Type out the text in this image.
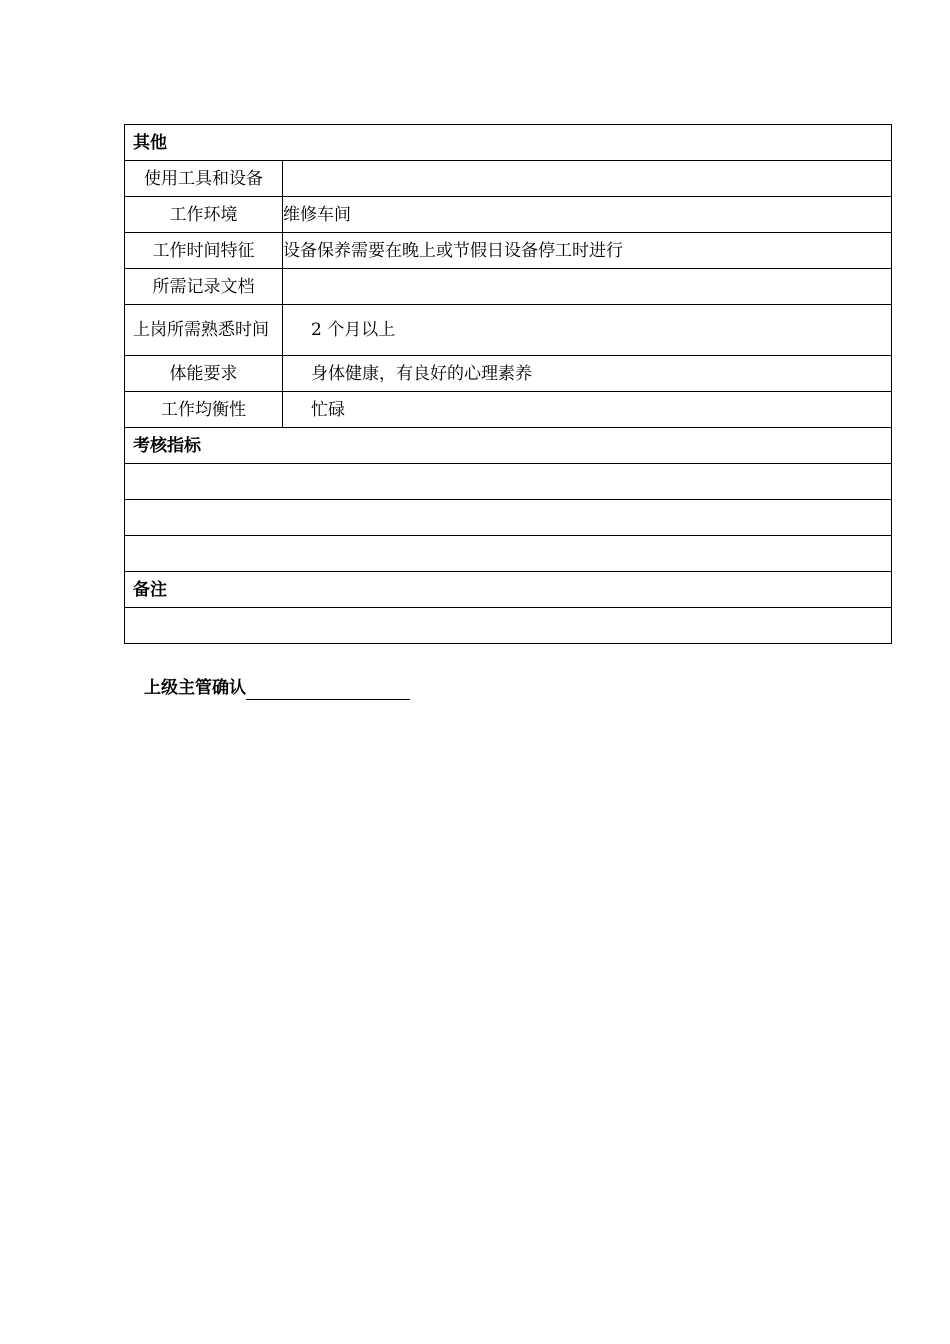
其他	
使用工具和设备	
工作环境	维修车间
工作时间特征	设备保养需要在晚上或节假日设备停工时进行
所需记录文档	
上岗所需熟悉时间	2 个月以上
体能要求	身体健康，有良好的心理素养
工作均衡性	忙碌
考核指标	

备注	

上级主管确认
